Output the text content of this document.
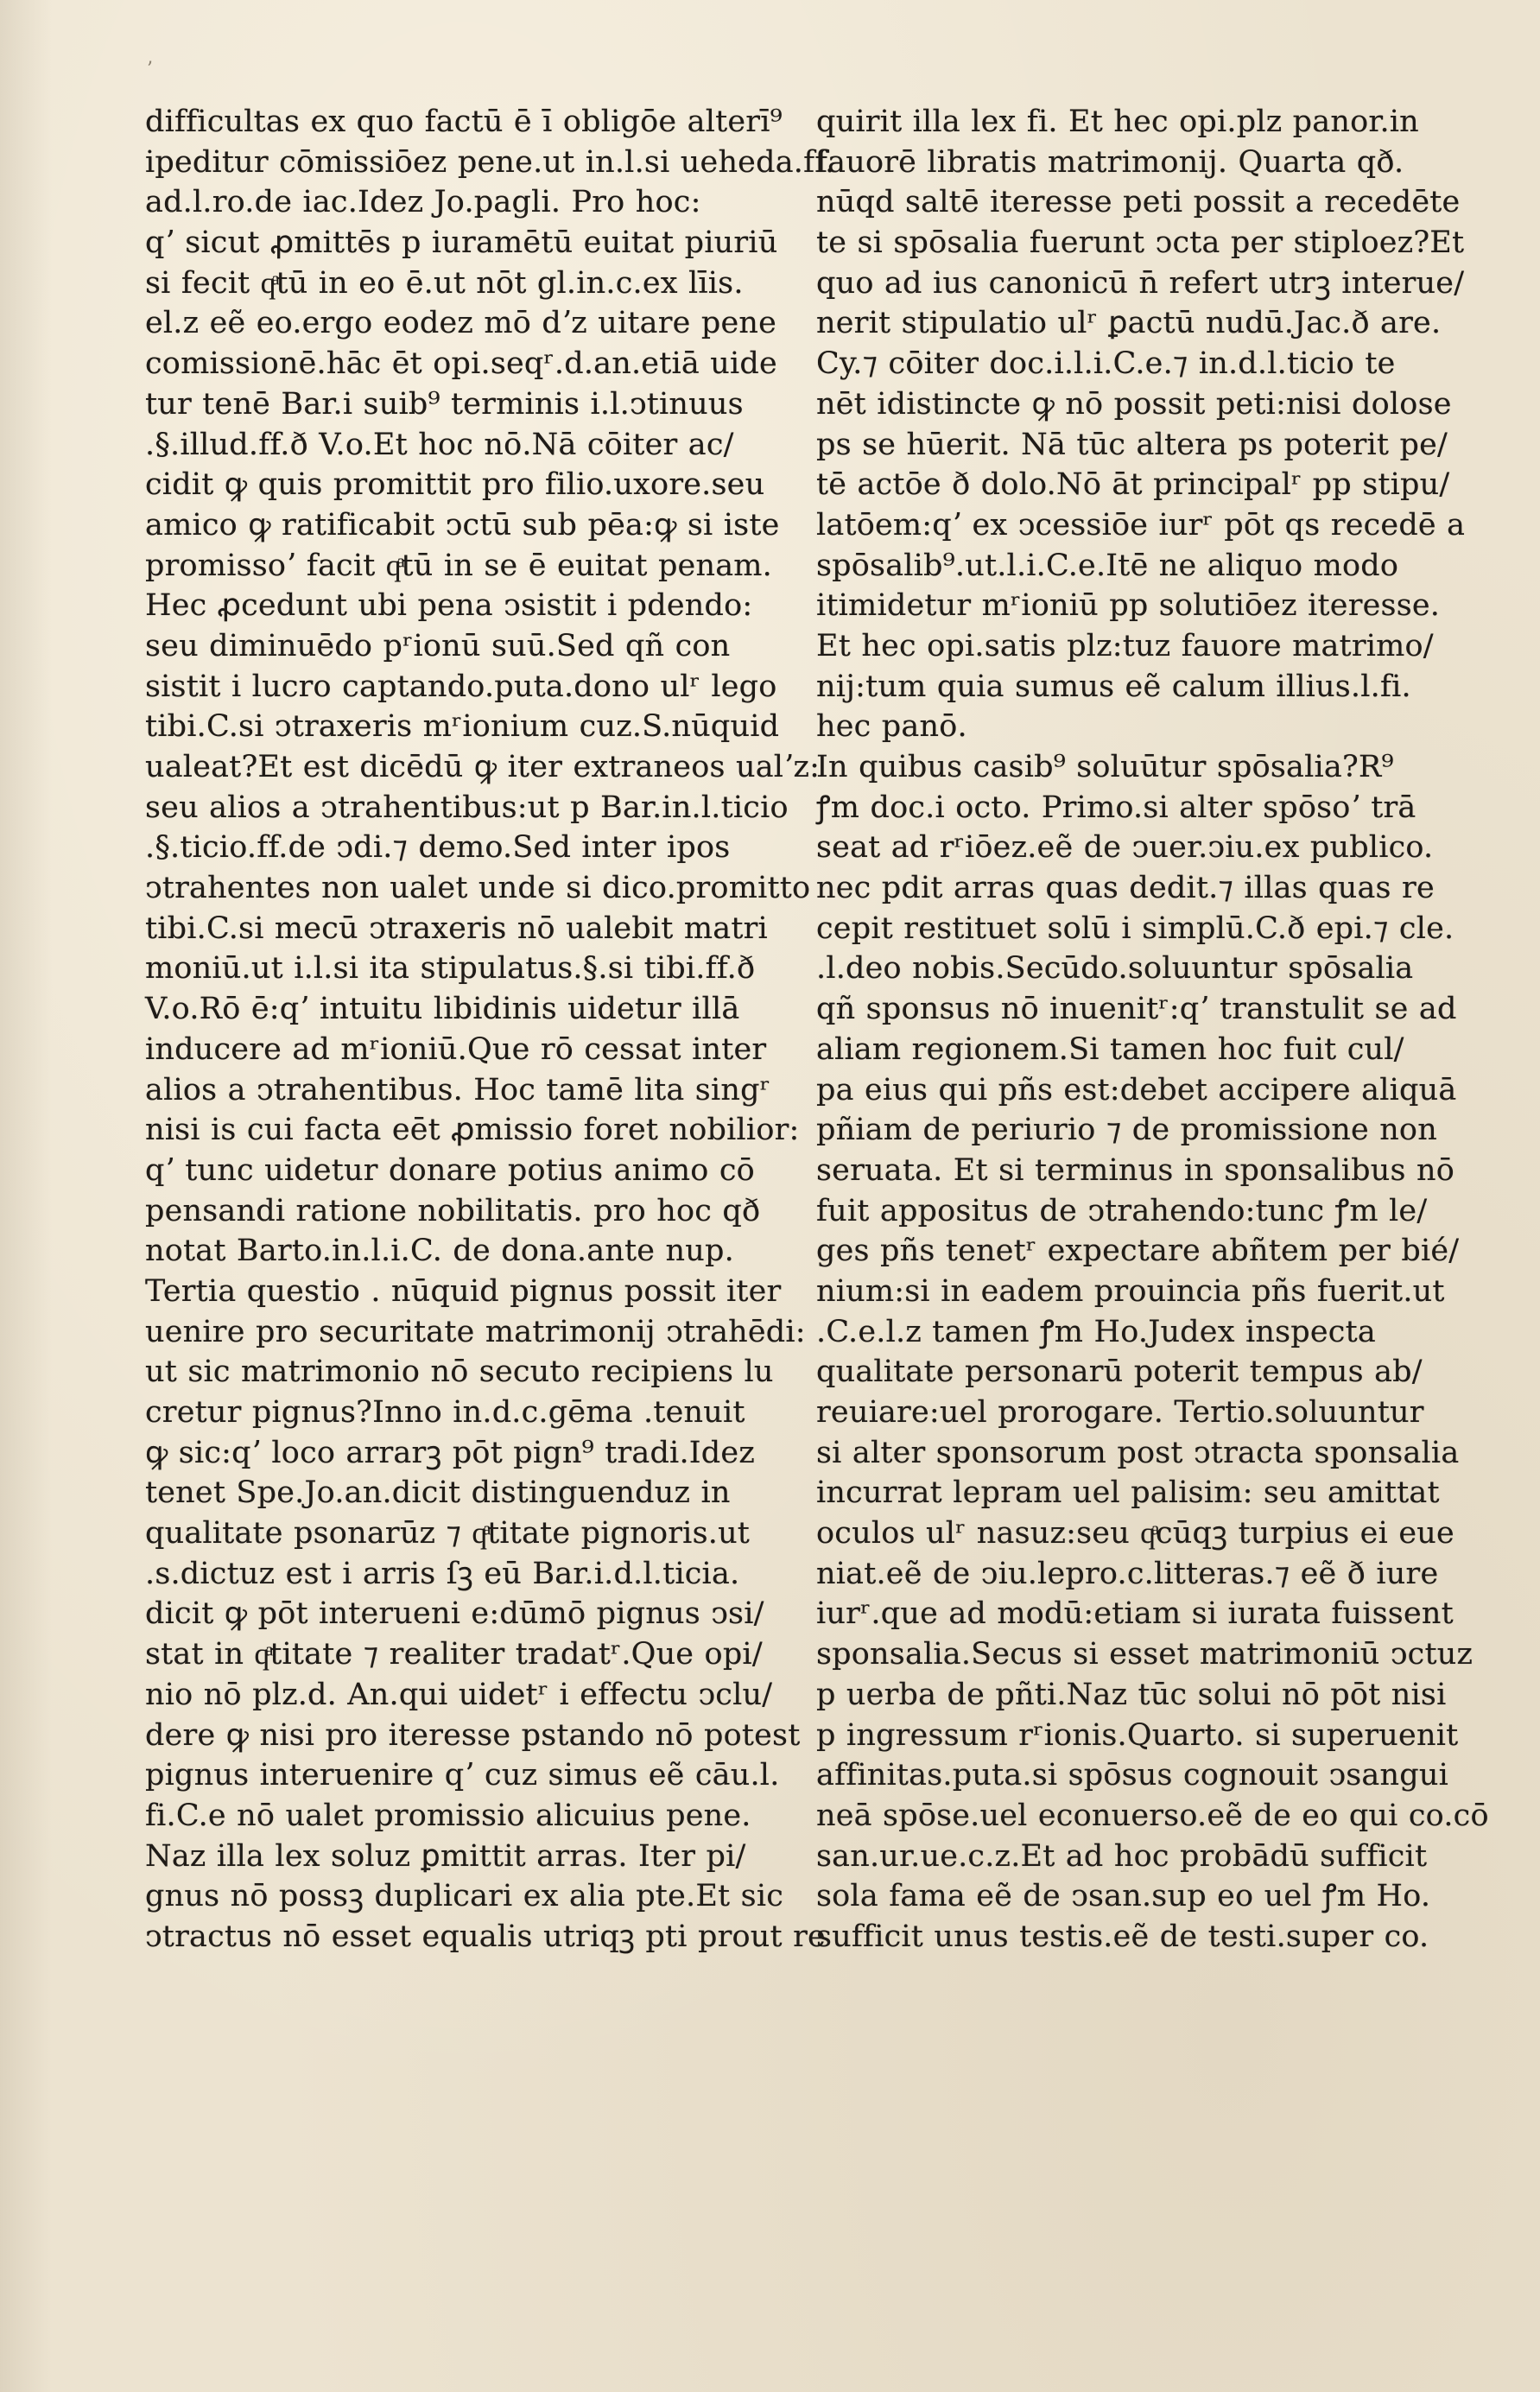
’
difficultas ex quo factū ē ī obligōe alterī⁹
ipeditur cōmissiōez pene.ut in.l.si ueheda.ff.
ad.l.ro.de iac.Idez Jo.pagli. Pro hoc:
qʼ sicut ꝓmittēs p iuramētū euitat piuriū
si fecit qͣtū in eo ē.ut nōt gl.in.c.ex līis.
el.z eẽ eo.ergo eodez mō dʼz uitare pene
comissionē.hāc ēt opi.seqʳ.d.an.etiā uide
tur tenē Bar.i suib⁹ terminis i.l.ↄtinuus
.§.illud.ff.ð V.o.Et hoc nō.Nā cōiter ac/
cidit ꝙ quis promittit pro filio.uxore.seu
amico ꝙ ratificabit ↄctū sub pēa:ꝙ si iste
promissoʼ facit qͣtū in se ē euitat penam.
Hec ꝓcedunt ubi pena ↄsistit i pdendo:
seu diminuēdo pʳionū suū.Sed qñ con
sistit i lucro captando.puta.dono ulʳ lego
tibi.C.si ↄtraxeris mʳionium cuz.S.nūquid
ualeat?Et est dicēdū ꝙ iter extraneos ualʼz:
seu alios a ↄtrahentibus:ut p Bar.in.l.ticio
.§.ticio.ff.de ↄdi.⁊ demo.Sed inter ipos
ↄtrahentes non ualet unde si dico.promitto
tibi.C.si mecū ↄtraxeris nō ualebit matri
moniū.ut i.l.si ita stipulatus.§.si tibi.ff.ð
V.o.Rō ē:qʼ intuitu libidinis uidetur illā
inducere ad mʳioniū.Que rō cessat inter
alios a ↄtrahentibus. Hoc tamē lita singʳ
nisi is cui facta eēt ꝓmissio foret nobilior:
qʼ tunc uidetur donare potius animo cō
pensandi ratione nobilitatis. pro hoc qð
notat Barto.in.l.i.C. de dona.ante nup.
Tertia questio . nūquid pignus possit iter
uenire pro securitate matrimonij ↄtrahēdi:
ut sic matrimonio nō secuto recipiens lu
cretur pignus?Inno in.d.c.gēma .tenuit
ꝙ sic:qʼ loco arrarꝫ pōt pign⁹ tradi.Idez
tenet Spe.Jo.an.dicit distinguenduz in
qualitate psonarūz ⁊ qͣtitate pignoris.ut
.s.dictuz est i arris ſꝫ eū Bar.i.d.l.ticia.
dicit ꝙ pōt interueni e:dūmō pignus ↄsi/
stat in qͣtitate ⁊ realiter tradatʳ.Que opi/
nio nō plz.d. An.qui uidetʳ i effectu ↄclu/
dere ꝙ nisi pro iteresse pstando nō potest
pignus interuenire qʼ cuz simus eẽ cāu.l.
fi.C.e nō ualet promissio alicuius pene.
Naz illa lex soluz ꝑmittit arras. Iter pi/
gnus nō possꝫ duplicari ex alia pte.Et sic
ↄtractus nō esset equalis utriqꝫ pti prout re
quirit illa lex fi. Et hec opi.plz panor.in
fauorē libratis matrimonij. Quarta qð.
nūqd saltē iteresse peti possit a recedēte
te si spōsalia fuerunt ↄcta per stiploez?Et
quo ad ius canonicū n̄ refert utrꝫ interue/
nerit stipulatio ulʳ ꝑactū nudū.Jac.ð are.
Cy.⁊ cōiter doc.i.l.i.C.e.⁊ in.d.l.ticio te
nēt idistincte ꝙ nō possit peti:nisi dolose
ps se hūerit. Nā tūc altera ps poterit pe/
tē actōe ð dolo.Nō āt principalʳ pp stipu/
latōem:qʼ ex ↄcessiōe iurʳ pōt qs recedē a
spōsalib⁹.ut.l.i.C.e.Itē ne aliquo modo
itimidetur mʳioniū pp solutiōez iteresse.
Et hec opi.satis plz:tuz fauore matrimo/
nij:tum quia sumus eẽ calum illius.l.fi.
hec panō.
In quibus casib⁹ soluūtur spōsalia?R⁹
ꝭm doc.i octo. Primo.si alter spōsoʼ trā
seat ad rʳiōez.eẽ de ↄuer.ↄiu.ex publico.
nec pdit arras quas dedit.⁊ illas quas re
cepit restituet solū i simplū.C.ð epi.⁊ cle.
.l.deo nobis.Secūdo.soluuntur spōsalia
qñ sponsus nō inuenitʳ:qʼ transtulit se ad
aliam regionem.Si tamen hoc fuit cul/
pa eius qui pñs est:debet accipere aliquā
pñiam de periurio ⁊ de promissione non
seruata. Et si terminus in sponsalibus nō
fuit appositus de ↄtrahendo:tunc ꝭm le/
ges pñs tenetʳ expectare abñtem per bié/
nium:si in eadem prouincia pñs fuerit.ut
.C.e.l.z tamen ꝭm Ho.Judex inspecta
qualitate personarū poterit tempus ab/
reuiare:uel prorogare. Tertio.soluuntur
si alter sponsorum post ↄtracta sponsalia
incurrat lepram uel palisim: seu amittat
oculos ulʳ nasuz:seu qͣcūqꝫ turpius ei eue
niat.eẽ de ↄiu.lepro.c.litteras.⁊ eẽ ð iure
iurʳ.que ad modū:etiam si iurata fuissent
sponsalia.Secus si esset matrimoniū ↄctuz
p uerba de pñti.Naz tūc solui nō pōt nisi
p ingressum rʳionis.Quarto. si superuenit
affinitas.puta.si spōsus cognouit ↄsangui
neā spōse.uel econuerso.eẽ de eo qui co.cō
san.ur.ue.c.z.Et ad hoc probādū sufficit
sola fama eẽ de ↄsan.sup eo uel ꝭm Ho.
sufficit unus testis.eẽ de testi.super co.
